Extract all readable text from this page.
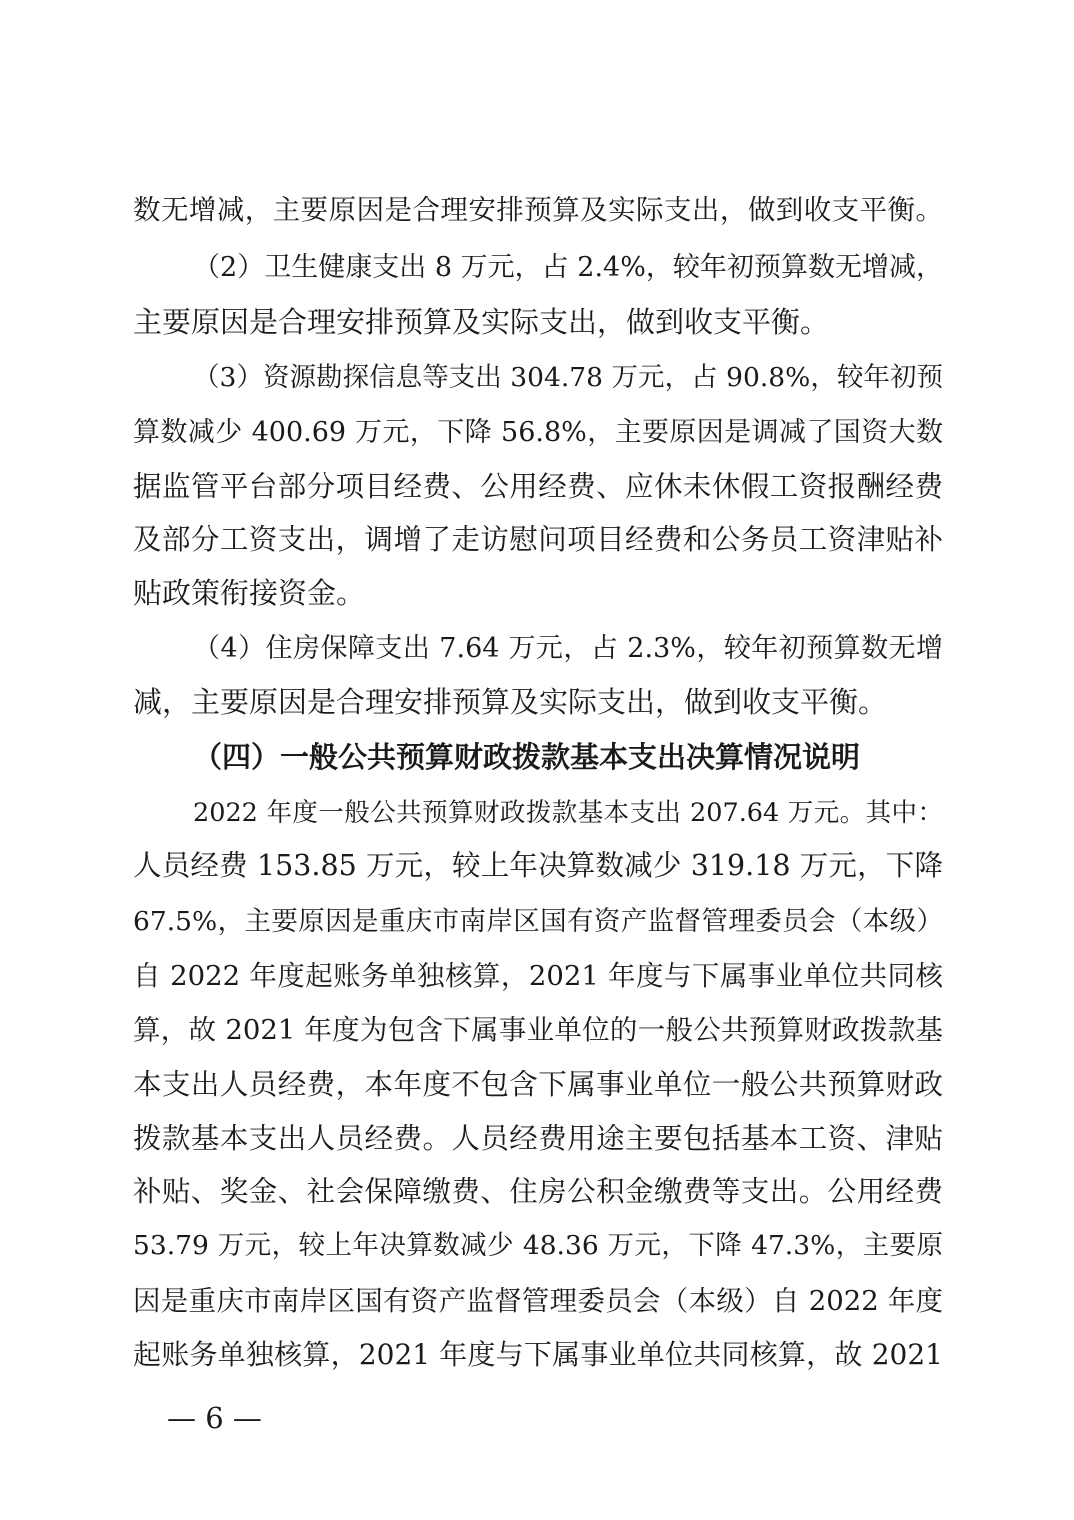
数无增减，主要原因是合理安排预算及实际支出，做到收支平衡。
（2）卫生健康支出 8 万元，占 2.4%，较年初预算数无增减，
主要原因是合理安排预算及实际支出，做到收支平衡。
（3）资源勘探信息等支出 304.78 万元，占 90.8%，较年初预
算数减少 400.69 万元，下降 56.8%，主要原因是调减了国资大数
据监管平台部分项目经费、公用经费、应休未休假工资报酬经费
及部分工资支出，调增了走访慰问项目经费和公务员工资津贴补
贴政策衔接资金。
（4）住房保障支出 7.64 万元，占 2.3%，较年初预算数无增
减，主要原因是合理安排预算及实际支出，做到收支平衡。
（四）一般公共预算财政拨款基本支出决算情况说明
2022 年度一般公共预算财政拨款基本支出 207.64 万元。其中：
人员经费 153.85 万元，较上年决算数减少 319.18 万元，下降
67.5%，主要原因是重庆市南岸区国有资产监督管理委员会（本级）
自 2022 年度起账务单独核算，2021 年度与下属事业单位共同核
算，故 2021 年度为包含下属事业单位的一般公共预算财政拨款基
本支出人员经费，本年度不包含下属事业单位一般公共预算财政
拨款基本支出人员经费。人员经费用途主要包括基本工资、津贴
补贴、奖金、社会保障缴费、住房公积金缴费等支出。公用经费
53.79 万元，较上年决算数减少 48.36 万元，下降 47.3%，主要原
因是重庆市南岸区国有资产监督管理委员会（本级）自 2022 年度
起账务单独核算，2021 年度与下属事业单位共同核算，故 2021
— 6 —
